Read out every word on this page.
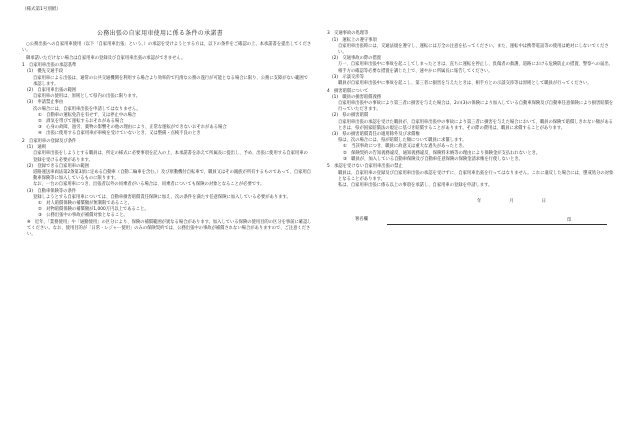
（様式第1号別紙）
公務出張の自家用車使用に係る条件の承諾書
○公務出張への自家用車使用（以下「自家用車出張」という。）の承認を受けようとする方は、以下の条件をご確認の上、本承諾書を提出してください。
御承諾いただけない場合は自家用車の登録及び自家用車出張の承認ができません。
1　自家用車出張の承認基準
(1)　優先交通手段
自家用車による出張は、通常の公共交通機関を利用する場合より効率的で円滑な公務の遂行が可能となる場合に限り、公務に支障がない範囲で承認します。
(2)　自家用車出張の範囲
自家用車の使用は、原則として県内の出張に限ります。
(3)　申請禁止事由
次の場合には、自家用車出張を申請してはなりません。
①　自動車の運転免許を有せず、又は停止中の場合
②　酒気を帯びて運転するおそれがある場合
③　心身の故障、過労、薬物の影響その他の理由により、正常な運転ができないおそれがある場合
④　出張に使用する自家用車が車検を受けていないとき、又は整備・点検不良のとき
2　自家用車の登録及び条件
(1)　通則
自家用車出張をしようとする職員は、所定の様式に必要事項を記入の上、本承諾書を添えて所属長に提出し、予め、出張に使用する自家用車の登録を受ける必要があります。
(2)　登録できる自家用車の範囲
道路運送車両法第2条第3項に定める自動車（自動二輪車を含む。）及び原動機付自転車で、職員又はその親族が所有するものであって、自家用自動車保険等に加入しているものに限ります。
なお、一台の自家用車につき、出張者以外の同乗者がいる場合は、同乗者についても保険の対象となることが必要です。
(3)　自動車保険等の条件
登録しようとする自家用車については、自動車損害賠償責任保険に加え、次の条件を満たす任意保険に加入している必要があります。
①　対人賠償保険の補償額が無制限であること。
②　対物賠償保険の補償額が1,000万円以上であること。
③　公務出張中の事故が補償対象となること。
※　近年、「業務使用」や「通勤使用」の区分により、保険の補償範囲が異なる場合があります。加入している保険の使用目的の区分を事前に確認してください。なお、使用目的が「日常・レジャー使用」のみの保険契約では、公務出張中の事故が補償されない場合がありますので、ご注意ください。
3　交通事故の処理等
(1)　運転上の遵守事項
自家用車出張時には、交通法規を遵守し、運転には万全の注意を払ってください。また、運転中は携帯電話等の使用は絶対にしないでください。
(2)　交通事故の際の措置
万一、自家用車出張中に事故を起こしてしまったときは、直ちに運転を停止し、負傷者の救護、道路における危険防止の措置、警察への届出、相手方の確認等必要な措置を講じた上で、速やかに所属長に報告してください。
(3)　示談交渉等
職員が自家用車出張中に事故を起こし、第三者に損害を与えたときは、相手方との示談交渉等は原則として職員が行ってください。
4　損害賠償について
(1)　職員の損害賠償義務
自家用車出張中の事故により第三者に損害を与えた場合は、2の(3)の保険により加入している自動車保険及び自動車任意保険により損害賠償を行っていただきます。
(2)　県の損害賠償
自家用車出張の承認を受けた職員が、自家用車出張中の事故により第三者に損害を与えた場合において、職員の保険で賠償しきれない額があるときは、県が国家賠償法の規定に基づき賠償することがあります。その際の費用は、職員に求償することがあります。
(3)　県の損害賠償責任の適用除外及び求償権
県は、次の場合には、県が賠償した額について職員に求償します。
①　当該事故につき、職員に故意又は重大な過失があったとき。
②　保険契約の告知義務違反、通知義務違反、保険料未納等の理由により保険金が支払われないとき。
③　職員が、加入している自動車保険及び自動車任意保険の保険金請求権を行使しないとき。
5　承認を受けない自家用車出張の禁止
職員は、自家用車の登録及び自家用車出張の承認を受けずに、自家用車出張を行ってはなりません。これに違反した場合には、懲戒処分の対象となることがあります。
私は、自家用車出張に係る以上の事項を承諾し、自家用車の登録を申請します。
年月日
署名欄	印
